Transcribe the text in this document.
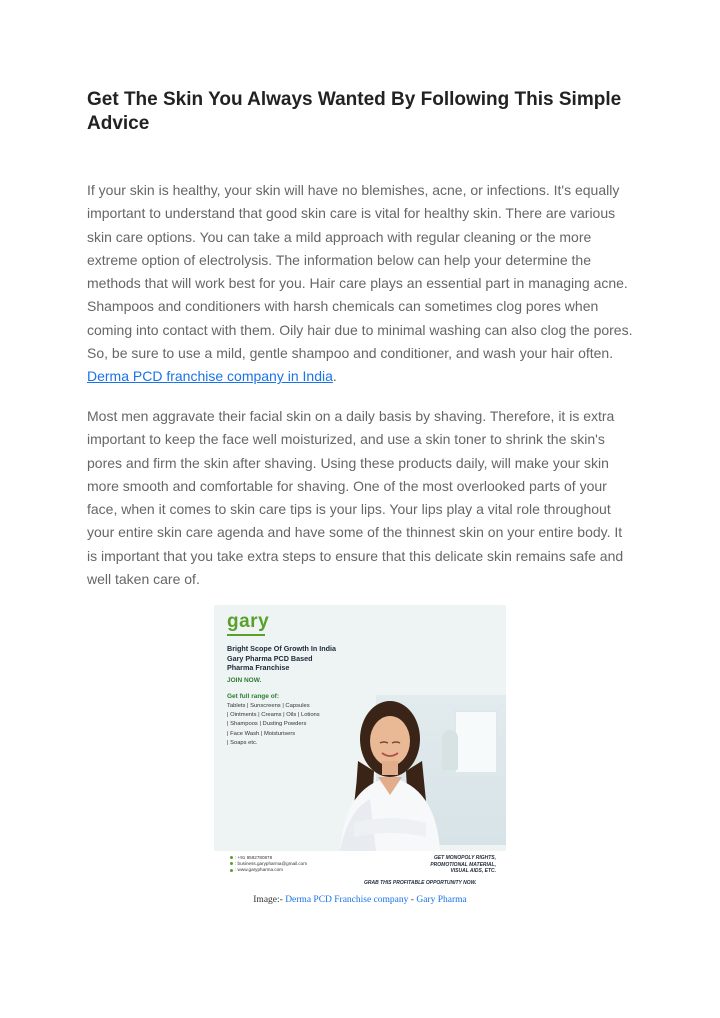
Get The Skin You Always Wanted By Following This Simple Advice

If your skin is healthy, your skin will have no blemishes, acne, or infections. It's equally important to understand that good skin care is vital for healthy skin. There are various skin care options. You can take a mild approach with regular cleaning or the more extreme option of electrolysis. The information below can help your determine the methods that will work best for you. Hair care plays an essential part in managing acne. Shampoos and conditioners with harsh chemicals can sometimes clog pores when coming into contact with them. Oily hair due to minimal washing can also clog the pores. So, be sure to use a mild, gentle shampoo and conditioner, and wash your hair often. Derma PCD franchise company in India.

Most men aggravate their facial skin on a daily basis by shaving. Therefore, it is extra important to keep the face well moisturized, and use a skin toner to shrink the skin's pores and firm the skin after shaving. Using these products daily, will make your skin more smooth and comfortable for shaving. One of the most overlooked parts of your face, when it comes to skin care tips is your lips. Your lips play a vital role throughout your entire skin care agenda and have some of the thinnest skin on your entire body. It is important that you take extra steps to ensure that this delicate skin remains safe and well taken care of.

gary
Bright Scope Of Growth In India
Gary Pharma PCD Based
Pharma Franchise
JOIN NOW.
Get full range of:
Tablets | Sunscreens | Capsules
| Ointments | Creams | Oils | Lotions
| Shampoos | Dusting Powders
| Face Wash | Moisturisers
| Soaps etc.
: +91 9592780878
: business.garypharma@gmail.com
: www.garypharma.com
GET MONOPOLY RIGHTS,
PROMOTIONAL MATERIAL,
VISUAL AIDS, ETC.
GRAB THIS PROFITABLE OPPORTUNITY NOW.
Image:- Derma PCD Franchise company - Gary Pharma
